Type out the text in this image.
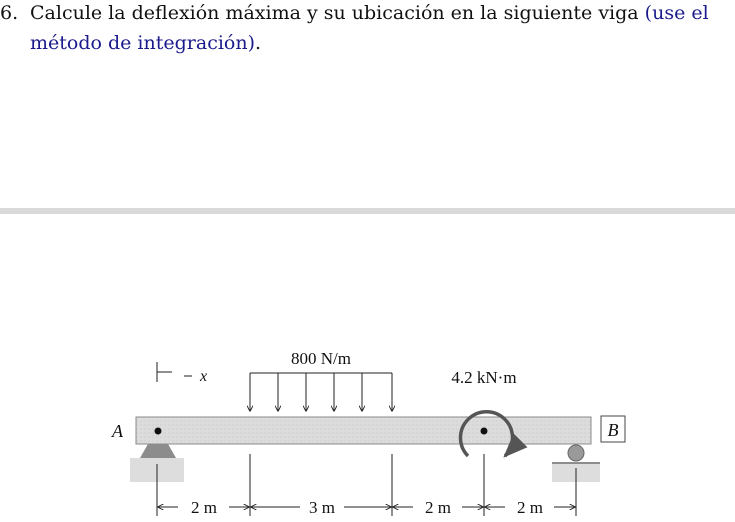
6. Calcule la deflexión máxima y su ubicación en la siguiente viga (use el
método de integración).
x
800 N/m
4.2 kN·m
A	B
2 m	3 m	2 m	2 m
